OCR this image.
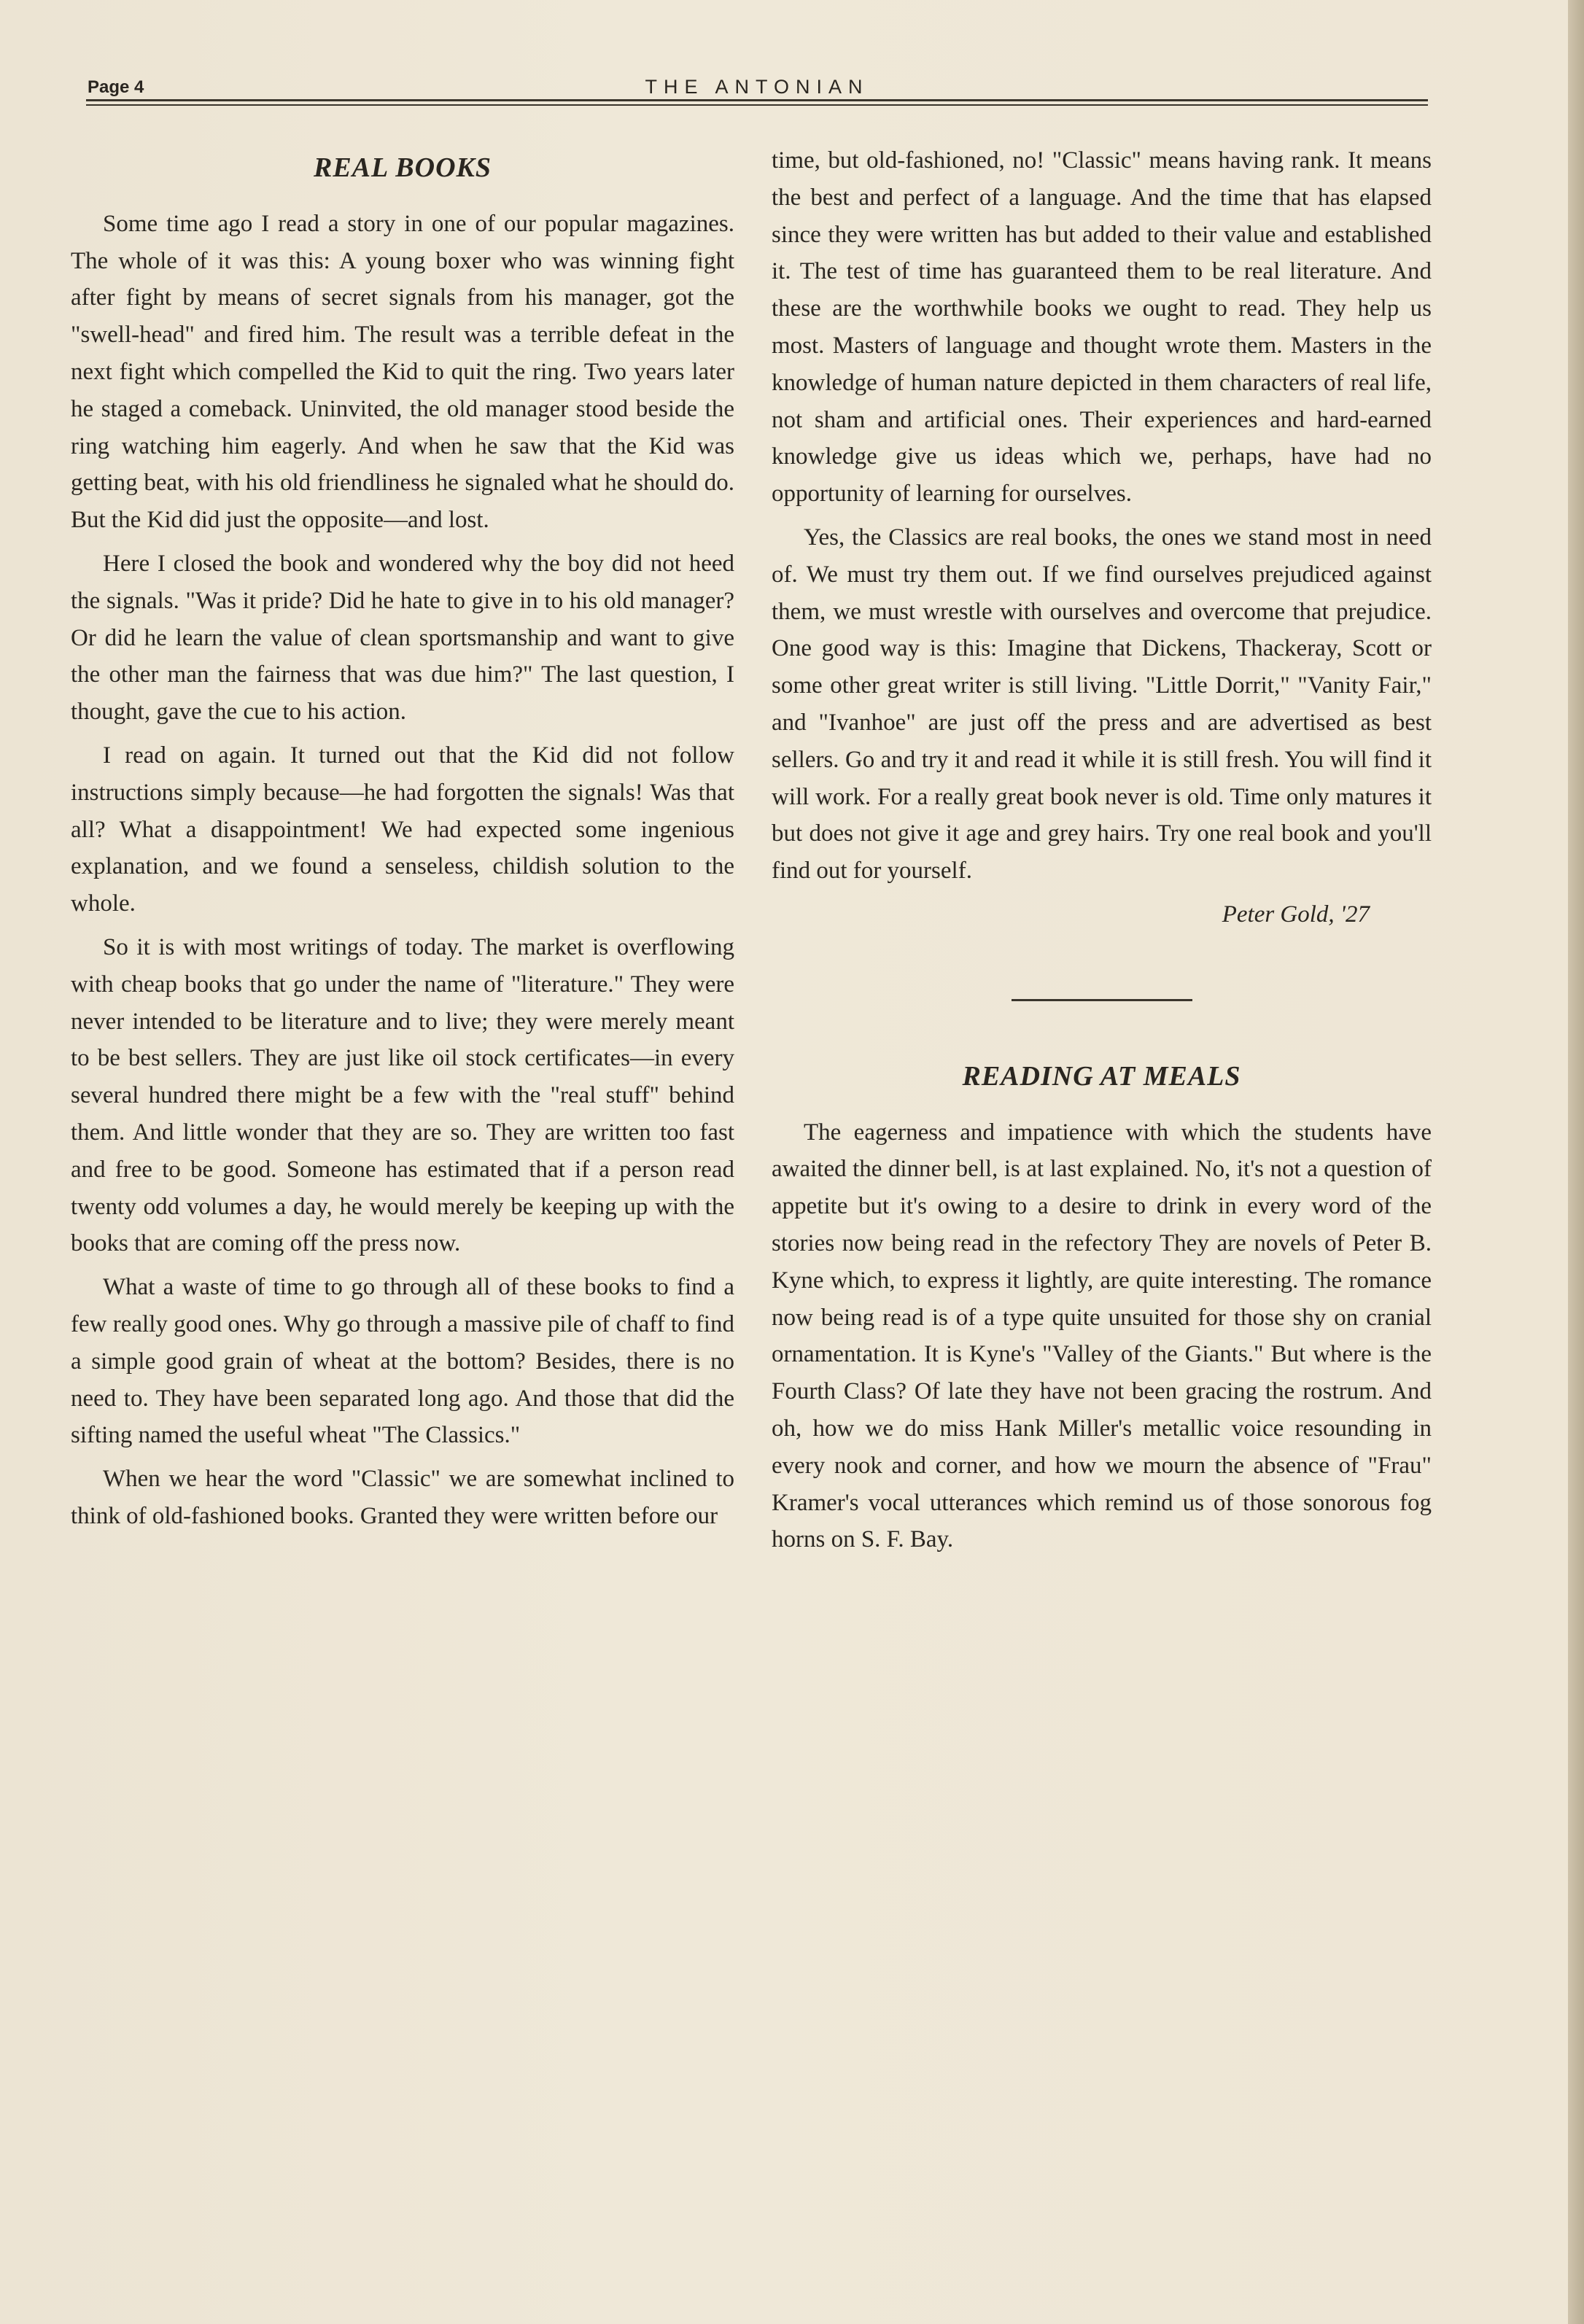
Page 4	THE ANTONIAN
REAL BOOKS

Some time ago I read a story in one of our popular magazines. The whole of it was this: A young boxer who was winning fight after fight by means of secret signals from his manager, got the "swell-head" and fired him. The result was a terrible defeat in the next fight which compelled the Kid to quit the ring. Two years later he staged a comeback. Uninvited, the old manager stood beside the ring watching him eagerly. And when he saw that the Kid was getting beat, with his old friendliness he signaled what he should do. But the Kid did just the opposite—and lost.

Here I closed the book and wondered why the boy did not heed the signals. "Was it pride? Did he hate to give in to his old manager? Or did he learn the value of clean sportsmanship and want to give the other man the fairness that was due him?" The last question, I thought, gave the cue to his action.

I read on again. It turned out that the Kid did not follow instructions simply because—he had forgotten the signals! Was that all? What a disappointment! We had expected some ingenious explanation, and we found a senseless, childish solution to the whole.

So it is with most writings of today. The market is overflowing with cheap books that go under the name of "literature." They were never intended to be literature and to live; they were merely meant to be best sellers. They are just like oil stock certificates—in every several hundred there might be a few with the "real stuff" behind them. And little wonder that they are so. They are written too fast and free to be good. Someone has estimated that if a person read twenty odd volumes a day, he would merely be keeping up with the books that are coming off the press now.

What a waste of time to go through all of these books to find a few really good ones. Why go through a massive pile of chaff to find a simple good grain of wheat at the bottom? Besides, there is no need to. They have been separated long ago. And those that did the sifting named the useful wheat "The Classics."

When we hear the word "Classic" we are somewhat inclined to think of old-fashioned books. Granted they were written before our

time, but old-fashioned, no! "Classic" means having rank. It means the best and perfect of a language. And the time that has elapsed since they were written has but added to their value and established it. The test of time has guaranteed them to be real literature. And these are the worthwhile books we ought to read. They help us most. Masters of language and thought wrote them. Masters in the knowledge of human nature depicted in them characters of real life, not sham and artificial ones. Their experiences and hard-earned knowledge give us ideas which we, perhaps, have had no opportunity of learning for ourselves.

Yes, the Classics are real books, the ones we stand most in need of. We must try them out. If we find ourselves prejudiced against them, we must wrestle with ourselves and overcome that prejudice. One good way is this: Imagine that Dickens, Thackeray, Scott or some other great writer is still living. "Little Dorrit," "Vanity Fair," and "Ivanhoe" are just off the press and are advertised as best sellers. Go and try it and read it while it is still fresh. You will find it will work. For a really great book never is old. Time only matures it but does not give it age and grey hairs. Try one real book and you'll find out for yourself.

Peter Gold, '27
READING AT MEALS

The eagerness and impatience with which the students have awaited the dinner bell, is at last explained. No, it's not a question of appetite but it's owing to a desire to drink in every word of the stories now being read in the refectory They are novels of Peter B. Kyne which, to express it lightly, are quite interesting. The romance now being read is of a type quite unsuited for those shy on cranial ornamentation. It is Kyne's "Valley of the Giants." But where is the Fourth Class? Of late they have not been gracing the rostrum. And oh, how we do miss Hank Miller's metallic voice resounding in every nook and corner, and how we mourn the absence of "Frau" Kramer's vocal utterances which remind us of those sonorous fog horns on S. F. Bay.
